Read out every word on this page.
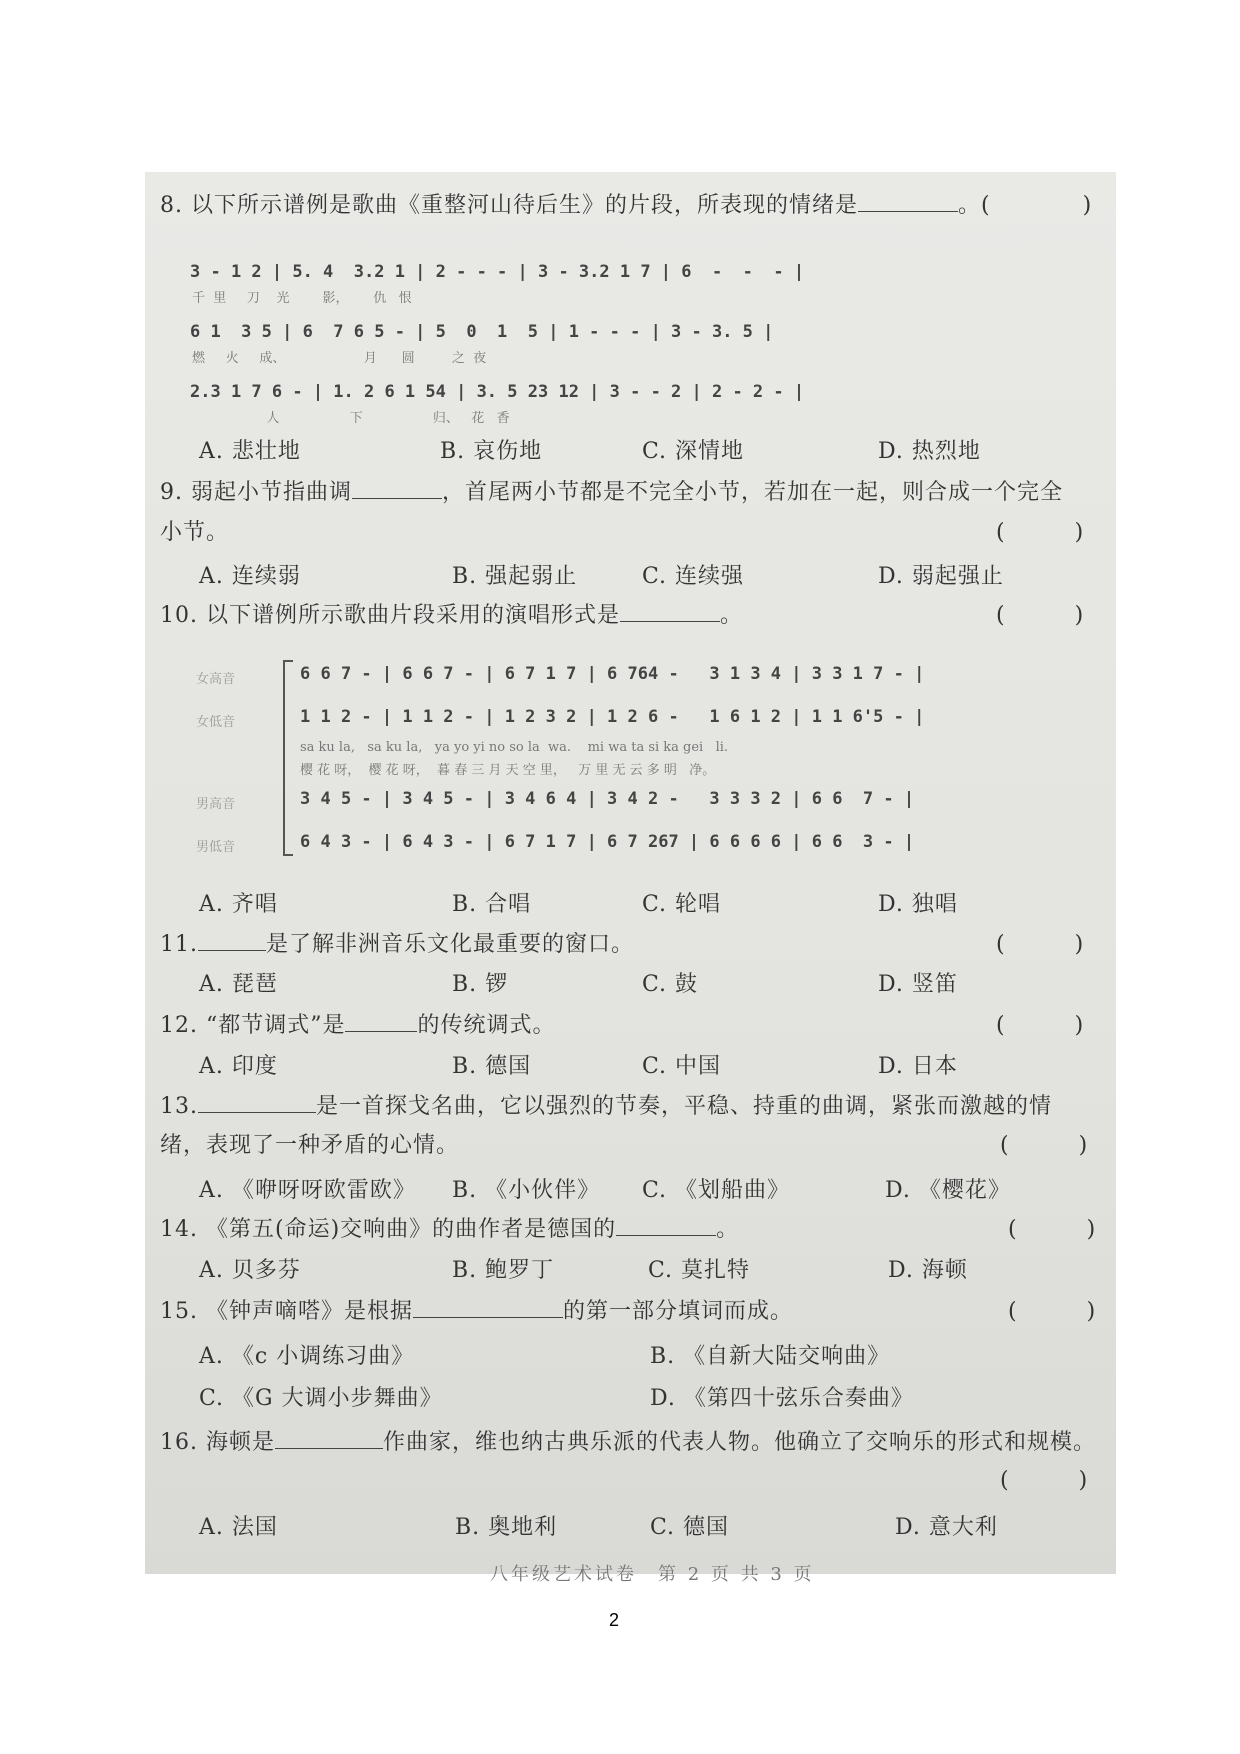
8. 以下所示谱例是歌曲《重整河山待后生》的片段，所表现的情绪是	。(　　　　)
3 - 1 2 | 5. 4  3.2 1 | 2 - - - | 3 - 3.2 1 7 | 6  -  -  - |
千  里     刀    光        影，      仇   恨
6 1  3 5 | 6  7 6 5 - | 5  0  1  5 | 1 - - - | 3 - 3. 5 |
燃     火     成、                   月      圆         之  夜
2.3 1 7 6 - | 1. 2 6 1 54 | 3. 5 23 12 | 3 - - 2 | 2 - 2 - |
人                 下                 归、   花   香
A. 悲壮地	B. 哀伤地	C. 深情地	D. 热烈地
9. 弱起小节指曲调	，首尾两小节都是不完全小节，若加在一起，则合成一个完全
小节。	(　　　)
A. 连续弱	B. 强起弱止	C. 连续强	D. 弱起强止
10. 以下谱例所示歌曲片段采用的演唱形式是	。	(　　　)
女高音	6 6 7 - | 6 6 7 - | 6 7 1 7 | 6 764 -   3 1 3 4 | 3 3 1 7 - |
女低音	1 1 2 - | 1 1 2 - | 1 2 3 2 | 1 2 6 -   1 6 1 2 | 1 1 6'5 - |
sa ku la,   sa ku la,   ya yo yi no so la  wa.    mi wa ta si ka gei   li.
樱 花 呀，  樱 花 呀，  暮 春 三 月 天 空 里，   万 里 无 云 多 明   净。
男高音	3 4 5 - | 3 4 5 - | 3 4 6 4 | 3 4 2 -   3 3 3 2 | 6 6  7 - |
男低音	6 4 3 - | 6 4 3 - | 6 7 1 7 | 6 7 267 | 6 6 6 6 | 6 6  3 - |
A. 齐唱	B. 合唱	C. 轮唱	D. 独唱
11.	是了解非洲音乐文化最重要的窗口。	(　　　)
A. 琵琶	B. 锣	C. 鼓	D. 竖笛
12. “都节调式”是	的传统调式。	(　　　)
A. 印度	B. 德国	C. 中国	D. 日本
13.	是一首探戈名曲，它以强烈的节奏，平稳、持重的曲调，紧张而激越的情
绪，表现了一种矛盾的心情。	(　　　)
A. 《咿呀呀欧雷欧》 B. 《小伙伴》 C. 《划船曲》	D. 《樱花》
14. 《第五(命运)交响曲》的曲作者是德国的	。	(　　　)
A. 贝多芬	B. 鲍罗丁	C. 莫扎特	D. 海顿
15. 《钟声嘀嗒》是根据	的第一部分填词而成。	(　　　)
A. 《c 小调练习曲》	B. 《自新大陆交响曲》
C. 《G 大调小步舞曲》	D. 《第四十弦乐合奏曲》
16. 海顿是	作曲家，维也纳古典乐派的代表人物。他确立了交响乐的形式和规模。
(　　　)
A. 法国	B. 奥地利	C. 德国	D. 意大利
八年级艺术试卷　第 2 页 共 3 页
2
